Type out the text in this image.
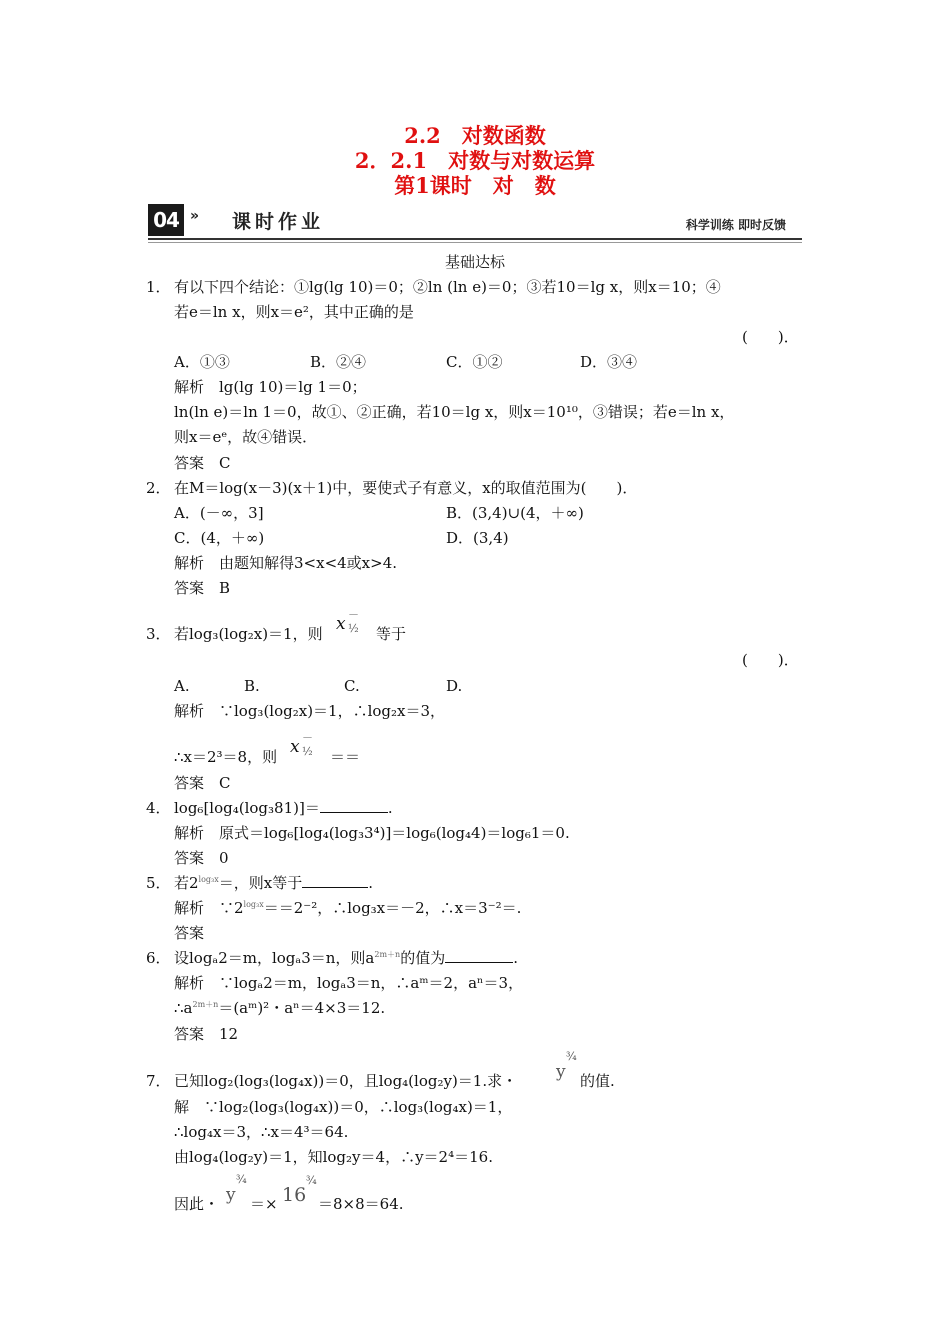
2.2　对数函数
2．2.1　对数与对数运算
第1课时　对　数
04 » 课时作业	科学训练 即时反馈
基础达标
1． 有以下四个结论：①lg(lg 10)＝0；②ln (ln e)＝0；③若10＝lg x，则x＝10；④
若e＝ln x，则x＝e²，其中正确的是
(　　)．
A．①③	B．②④	C．①②	D．③④
解析　lg(lg 10)＝lg 1＝0；
ln(ln e)＝ln 1＝0，故①、②正确，若10＝lg x，则x＝10¹⁰，③错误；若e＝ln x，
则x＝eᵉ，故④错误．
答案　C
2． 在M＝log(x－3)(x＋1)中，要使式子有意义，x的取值范围为(　　)．
A．(－∞，3]	B．(3,4)∪(4，＋∞)
C．(4，＋∞)	D．(3,4)
解析　由题知解得3<x<4或x>4.
答案　B
3． 若log₃(log₂x)＝1，则 x －½ 等于
(　　)．
A.	B.	C.	D.
解析　∵log₃(log₂x)＝1，∴log₂x＝3，
∴x＝2³＝8，则 x －½ ＝＝
答案　C
4． log₆[log₄(log₃81)]＝	.
解析　原式＝log₆[log₄(log₃3⁴)]＝log₆(log₄4)＝log₆1＝0.
答案　0
5． 若$2^{log_3x}=$，则x等于	.
解析　$\because 2^{log_3x}==2^{-2}$，∴log₃x＝－2，∴x＝3⁻²＝.
答案
6． 设logₐ2＝m，logₐ3＝n，则$a^{2m+n}$的值为	.
解析　∵logₐ2＝m，logₐ3＝n，∴aᵐ＝2，aⁿ＝3，
$\therefore a^{2m+n}=(aᵐ)^2$・aⁿ＝4×3＝12.
答案　12
7． 已知log₂(log₃(log₄x))＝0，且log₄(log₂y)＝1.求・ y
¾
的值.
解　∵log₂(log₃(log₄x))＝0，∴log₃(log₄x)＝1，
∴log₄x＝3，∴x＝4³＝64.
由log₄(log₂y)＝1，知log₂y＝4，∴y＝2⁴＝16.
因此・ y
¾
＝× 16
¾
＝8×8＝64.
